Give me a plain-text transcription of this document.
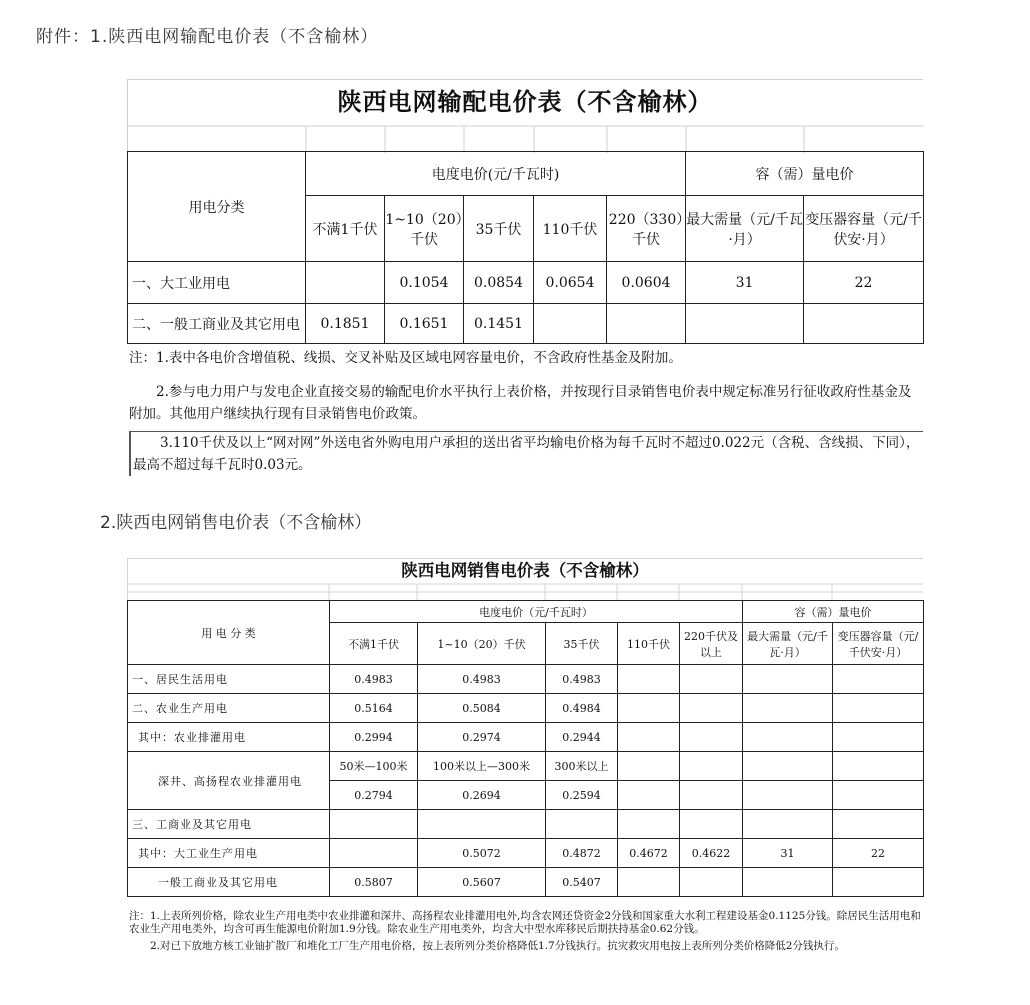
附件：1.陕西电网输配电价表（不含榆林）
陕西电网输配电价表（不含榆林）
用电分类	电度电价(元/千瓦时)					容（需）量电价	
	不满1千伏	1~10（20）千伏	35千伏	110千伏	220（330）千伏	最大需量（元/千瓦·月）	变压器容量（元/千伏安·月）
一、大工业用电		0.1054	0.0854	0.0654	0.0604	31	22
二、一般工商业及其它用电	0.1851	0.1651	0.1451				
注：1.表中各电价含增值税、线损、交叉补贴及区域电网容量电价，不含政府性基金及附加。
2.参与电力用户与发电企业直接交易的输配电价水平执行上表价格，并按现行目录销售电价表中规定标准另行征收政府性基金及附加。其他用户继续执行现有目录销售电价政策。
3.110千伏及以上“网对网”外送电省外购电用户承担的送出省平均输电价格为每千瓦时不超过0.022元（含税、含线损、下同），最高不超过每千瓦时0.03元。
2.陕西电网销售电价表（不含榆林）
陕西电网销售电价表（不含榆林）
用 电 分 类	电度电价（元/千瓦时）					容（需）量电价	
	不满1千伏	1~10（20）千伏	35千伏	110千伏	220千伏及以上	最大需量（元/千瓦·月）	变压器容量（元/千伏安·月）
一、居民生活用电	0.4983	0.4983	0.4983				
二、农业生产用电	0.5164	0.5084	0.4984				
其中：农业排灌用电	0.2994	0.2974	0.2944				
深井、高扬程农业排灌用电	50米—100米	100米以上—300米	300米以上				
	0.2794	0.2694	0.2594				
三、工商业及其它用电							
其中：大工业生产用电		0.5072	0.4872	0.4672	0.4622	31	22
一般工商业及其它用电	0.5807	0.5607	0.5407				
注：1.上表所列价格，除农业生产用电类中农业排灌和深井、高扬程农业排灌用电外,均含农网还贷资金2分钱和国家重大水利工程建设基金0.1125分钱。除居民生活用电和农业生产用电类外，均含可再生能源电价附加1.9分钱。除农业生产用电类外，均含大中型水库移民后期扶持基金0.62分钱。
2.对已下放地方核工业铀扩散厂和堆化工厂生产用电价格，按上表所列分类价格降低1.7分钱执行。抗灾救灾用电按上表所列分类价格降低2分钱执行。
